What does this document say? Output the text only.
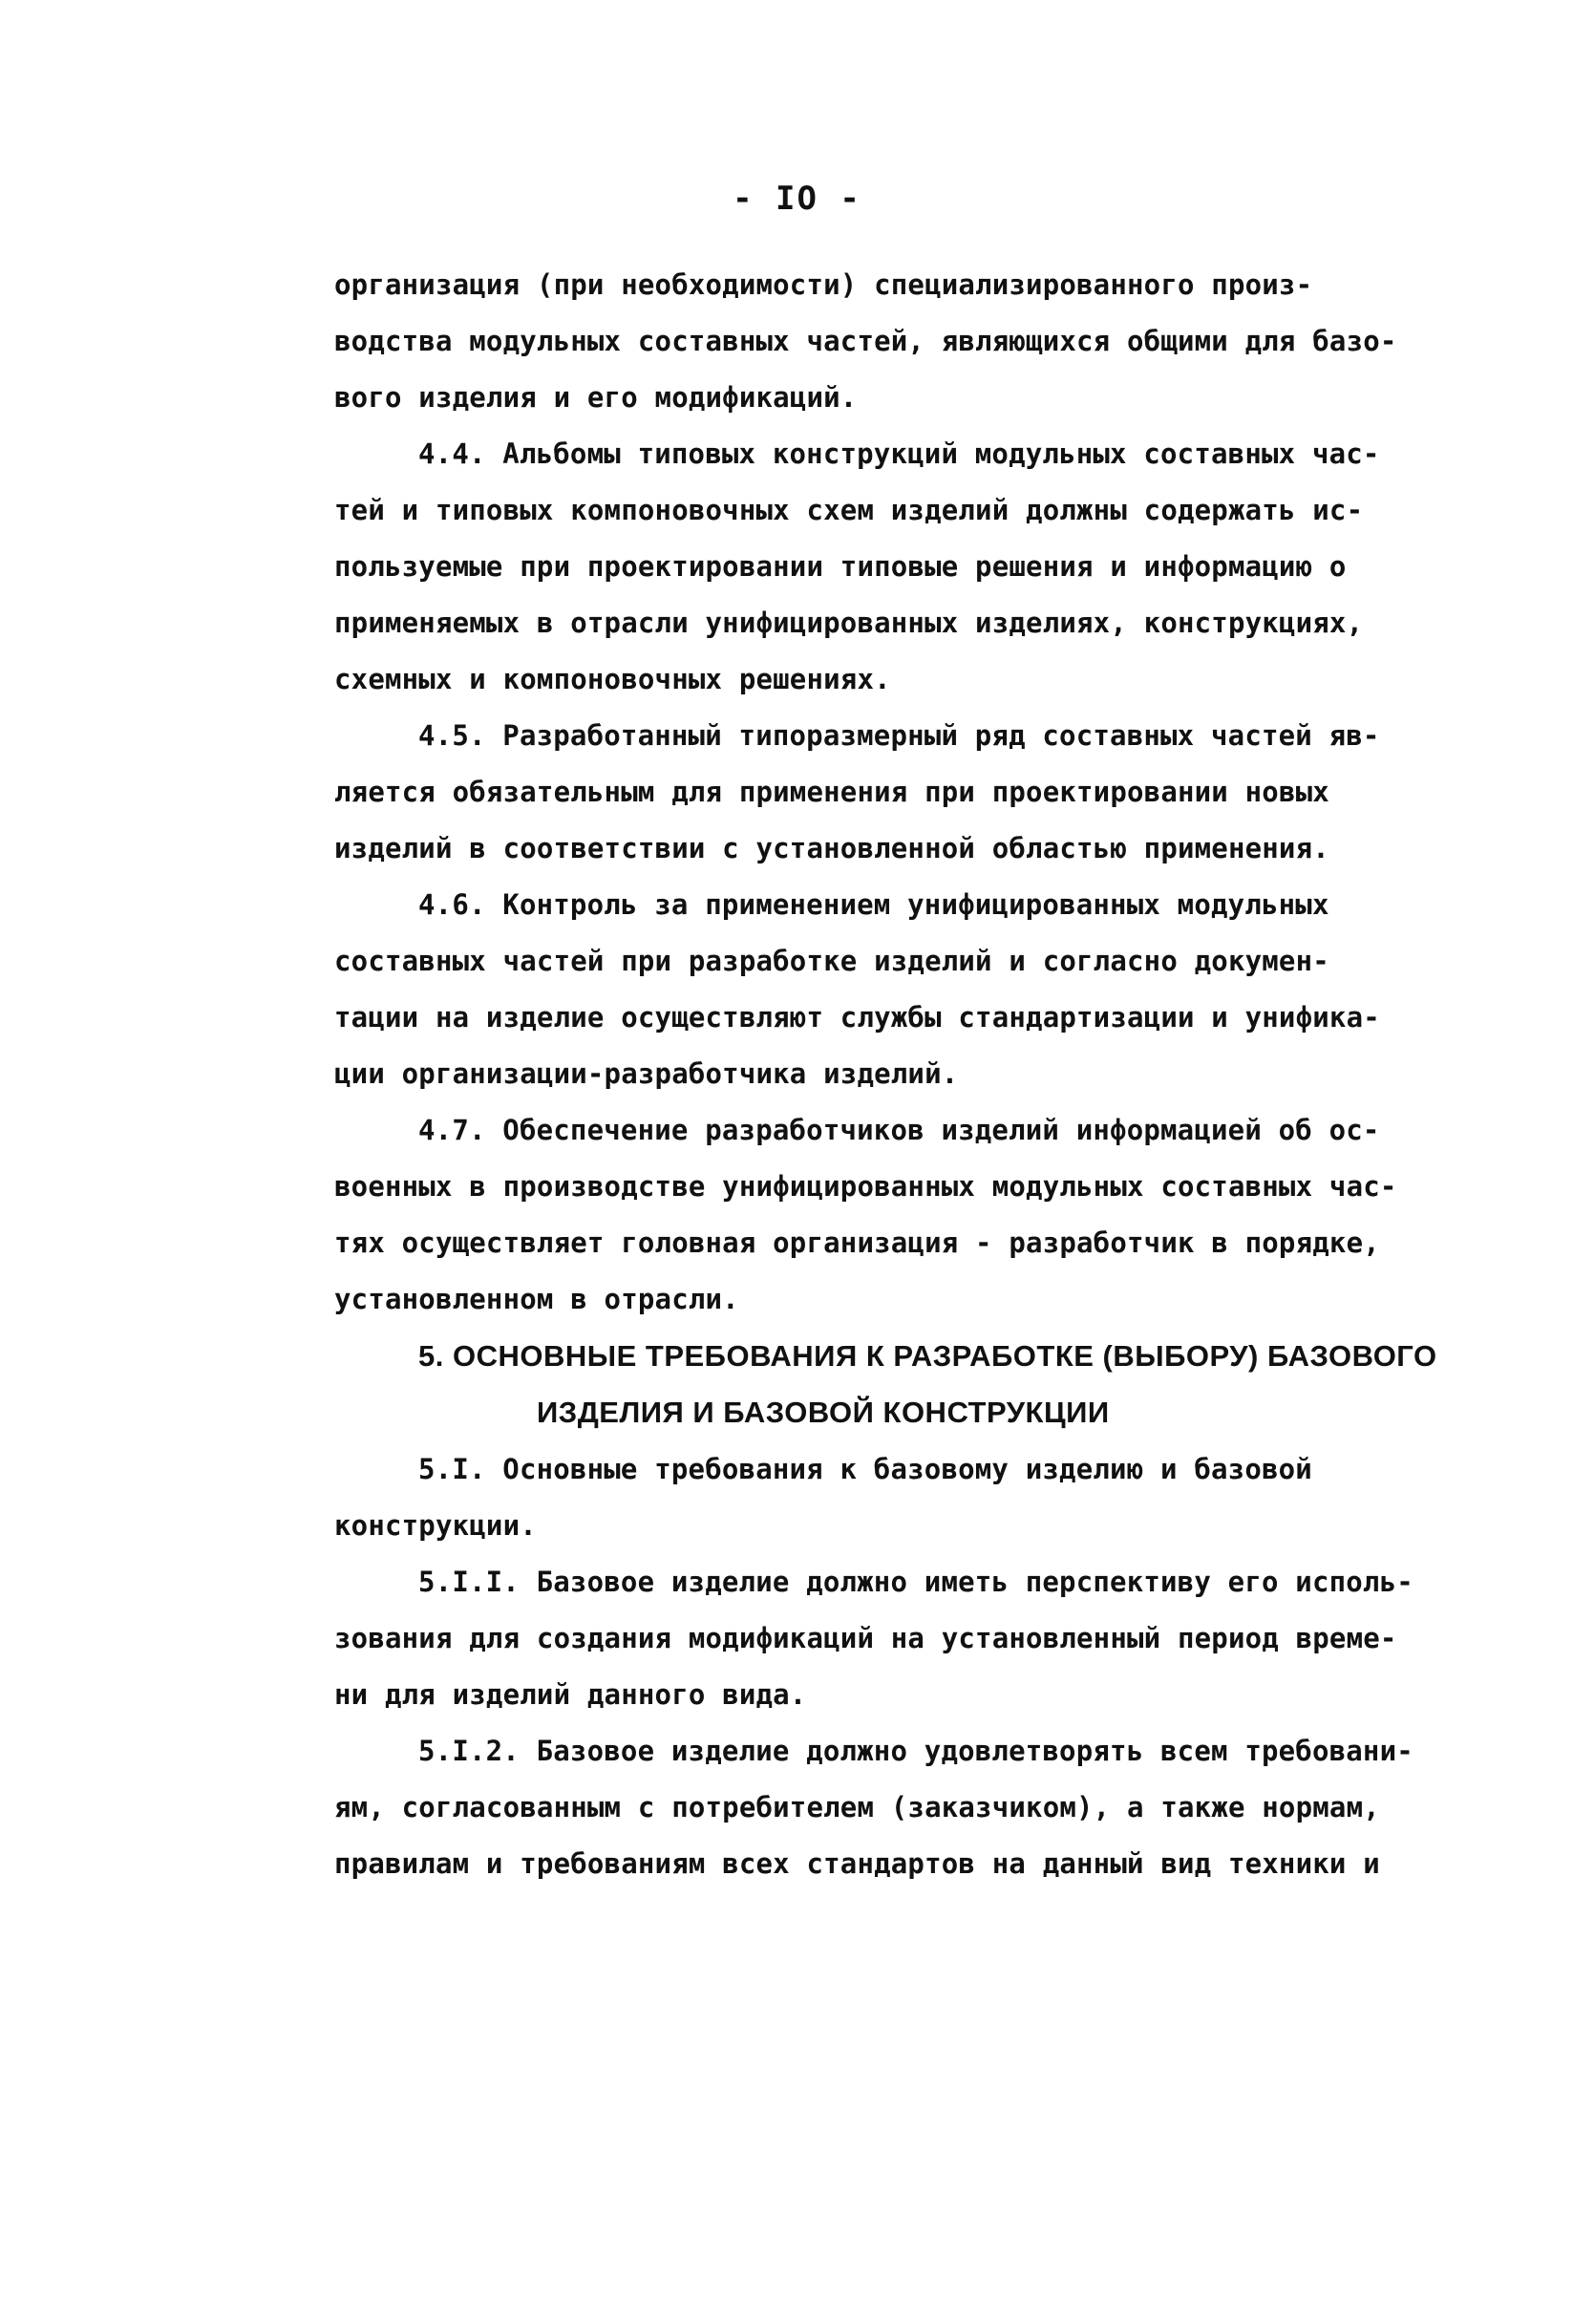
- IO -
организация (при необходимости) специализированного произ-
водства модульных составных частей, являющихся общими для базо-
вого изделия и его модификаций.
4.4. Альбомы типовых конструкций модульных составных час-
тей и типовых компоновочных схем изделий должны содержать ис-
пользуемые при проектировании типовые решения и информацию о
применяемых в отрасли унифицированных изделиях, конструкциях,
схемных и компоновочных решениях.
4.5. Разработанный типоразмерный ряд составных частей яв-
ляется обязательным для применения при проектировании новых
изделий в соответствии с установленной областью применения.
4.6. Контроль за применением унифицированных модульных
составных частей при разработке изделий и согласно докумен-
тации на изделие осуществляют службы стандартизации и унифика-
ции организации-разработчика изделий.
4.7. Обеспечение разработчиков изделий информацией об ос-
военных в производстве унифицированных модульных составных час-
тях осуществляет головная организация - разработчик в порядке,
установленном в отрасли.
5. ОСНОВНЫЕ ТРЕБОВАНИЯ К РАЗРАБОТКЕ (ВЫБОРУ) БАЗОВОГО
ИЗДЕЛИЯ И БАЗОВОЙ КОНСТРУКЦИИ
5.I. Основные требования к базовому изделию и базовой
конструкции.
5.I.I. Базовое изделие должно иметь перспективу его исполь-
зования для создания модификаций на установленный период време-
ни для изделий данного вида.
5.I.2. Базовое изделие должно удовлетворять всем требовани-
ям, согласованным с потребителем (заказчиком), а также нормам,
правилам и требованиям всех стандартов на данный вид техники и
